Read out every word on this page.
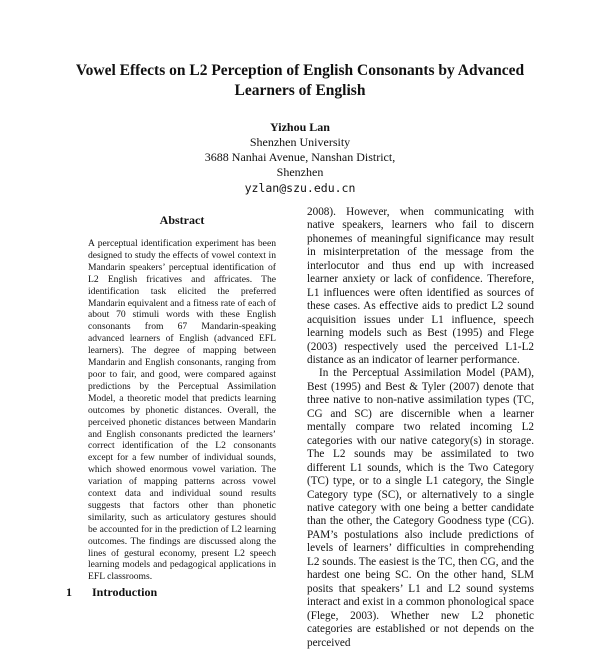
Vowel Effects on L2 Perception of English Consonants by Advanced Learners of English
Yizhou Lan
Shenzhen University
3688 Nanhai Avenue, Nanshan District,
Shenzhen
yzlan@szu.edu.cn
Abstract
A perceptual identification experiment has been designed to study the effects of vowel context in Mandarin speakers’ perceptual identification of L2 English fricatives and affricates. The identification task elicited the preferred Mandarin equivalent and a fitness rate of each of about 70 stimuli words with these English consonants from 67 Mandarin-speaking advanced learners of English (advanced EFL learners). The degree of mapping between Mandarin and English consonants, ranging from poor to fair, and good, were compared against predictions by the Perceptual Assimilation Model, a theoretic model that predicts learning outcomes by phonetic distances. Overall, the perceived phonetic distances between Mandarin and English consonants predicted the learners’ correct identification of the L2 consonants except for a few number of individual sounds, which showed enormous vowel variation. The variation of mapping patterns across vowel context data and individual sound results suggests that factors other than phonetic similarity, such as articulatory gestures should be accounted for in the prediction of L2 learning outcomes. The findings are discussed along the lines of gestural economy, present L2 speech learning models and pedagogical applications in EFL classrooms.
1 Introduction

2008). However, when communicating with native speakers, learners who fail to discern phonemes of meaningful significance may result in misinterpretation of the message from the interlocutor and thus end up with increased learner anxiety or lack of confidence. Therefore, L1 influences were often identified as sources of these cases. As effective aids to predict L2 sound acquisition issues under L1 influence, speech learning models such as Best (1995) and Flege (2003) respectively used the perceived L1-L2 distance as an indicator of learner performance.

In the Perceptual Assimilation Model (PAM), Best (1995) and Best & Tyler (2007) denote that three native to non-native assimilation types (TC, CG and SC) are discernible when a learner mentally compare two related incoming L2 categories with our native category(s) in storage. The L2 sounds may be assimilated to two different L1 sounds, which is the Two Category (TC) type, or to a single L1 category, the Single Category type (SC), or alternatively to a single native category with one being a better candidate than the other, the Category Goodness type (CG). PAM’s postulations also include predictions of levels of learners’ difficulties in comprehending L2 sounds. The easiest is the TC, then CG, and the hardest one being SC. On the other hand, SLM posits that speakers’ L1 and L2 sound systems interact and exist in a common phonological space (Flege, 2003). Whether new L2 phonetic categories are established or not depends on the perceived
